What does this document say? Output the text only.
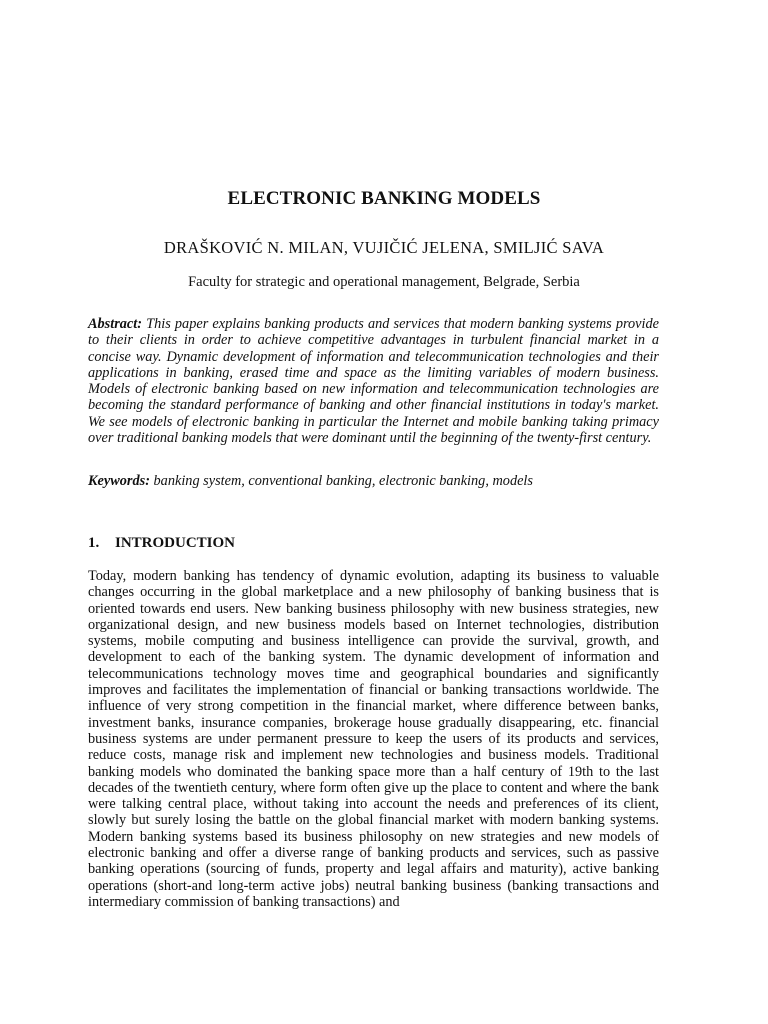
ELECTRONIC BANKING MODELS
DRAŠKOVIĆ N. MILAN, VUJIČIĆ JELENA, SMILJIĆ SAVA
Faculty for strategic and operational management, Belgrade, Serbia

Abstract: This paper explains banking products and services that modern banking systems provide to their clients in order to achieve competitive advantages in turbulent financial market in a concise way. Dynamic development of information and telecommunication technologies and their applications in banking, erased time and space as the limiting variables of modern business. Models of electronic banking based on new information and telecommunication technologies are becoming the standard performance of banking and other financial institutions in today's market. We see models of electronic banking in particular the Internet and mobile banking taking primacy over traditional banking models that were dominant until the beginning of the twenty-first century.

Keywords: banking system, conventional banking, electronic banking, models

1. INTRODUCTION

Today, modern banking has tendency of dynamic evolution, adapting its business to valuable changes occurring in the global marketplace and a new philosophy of banking business that is oriented towards end users. New banking business philosophy with new business strategies, new organizational design, and new business models based on Internet technologies, distribution systems, mobile computing and business intelligence can provide the survival, growth, and development to each of the banking system. The dynamic development of information and telecommunications technology moves time and geographical boundaries and significantly improves and facilitates the implementation of financial or banking transactions worldwide. The influence of very strong competition in the financial market, where difference between banks, investment banks, insurance companies, brokerage house gradually disappearing, etc. financial business systems are under permanent pressure to keep the users of its products and services, reduce costs, manage risk and implement new technologies and business models. Traditional banking models who dominated the banking space more than a half century of 19th to the last decades of the twentieth century, where form often give up the place to content and where the bank were talking central place, without taking into account the needs and preferences of its client, slowly but surely losing the battle on the global financial market with modern banking systems. Modern banking systems based its business philosophy on new strategies and new models of electronic banking and offer a diverse range of banking products and services, such as passive banking operations (sourcing of funds, property and legal affairs and maturity), active banking operations (short-and long-term active jobs) neutral banking business (banking transactions and intermediary commission of banking transactions) and
